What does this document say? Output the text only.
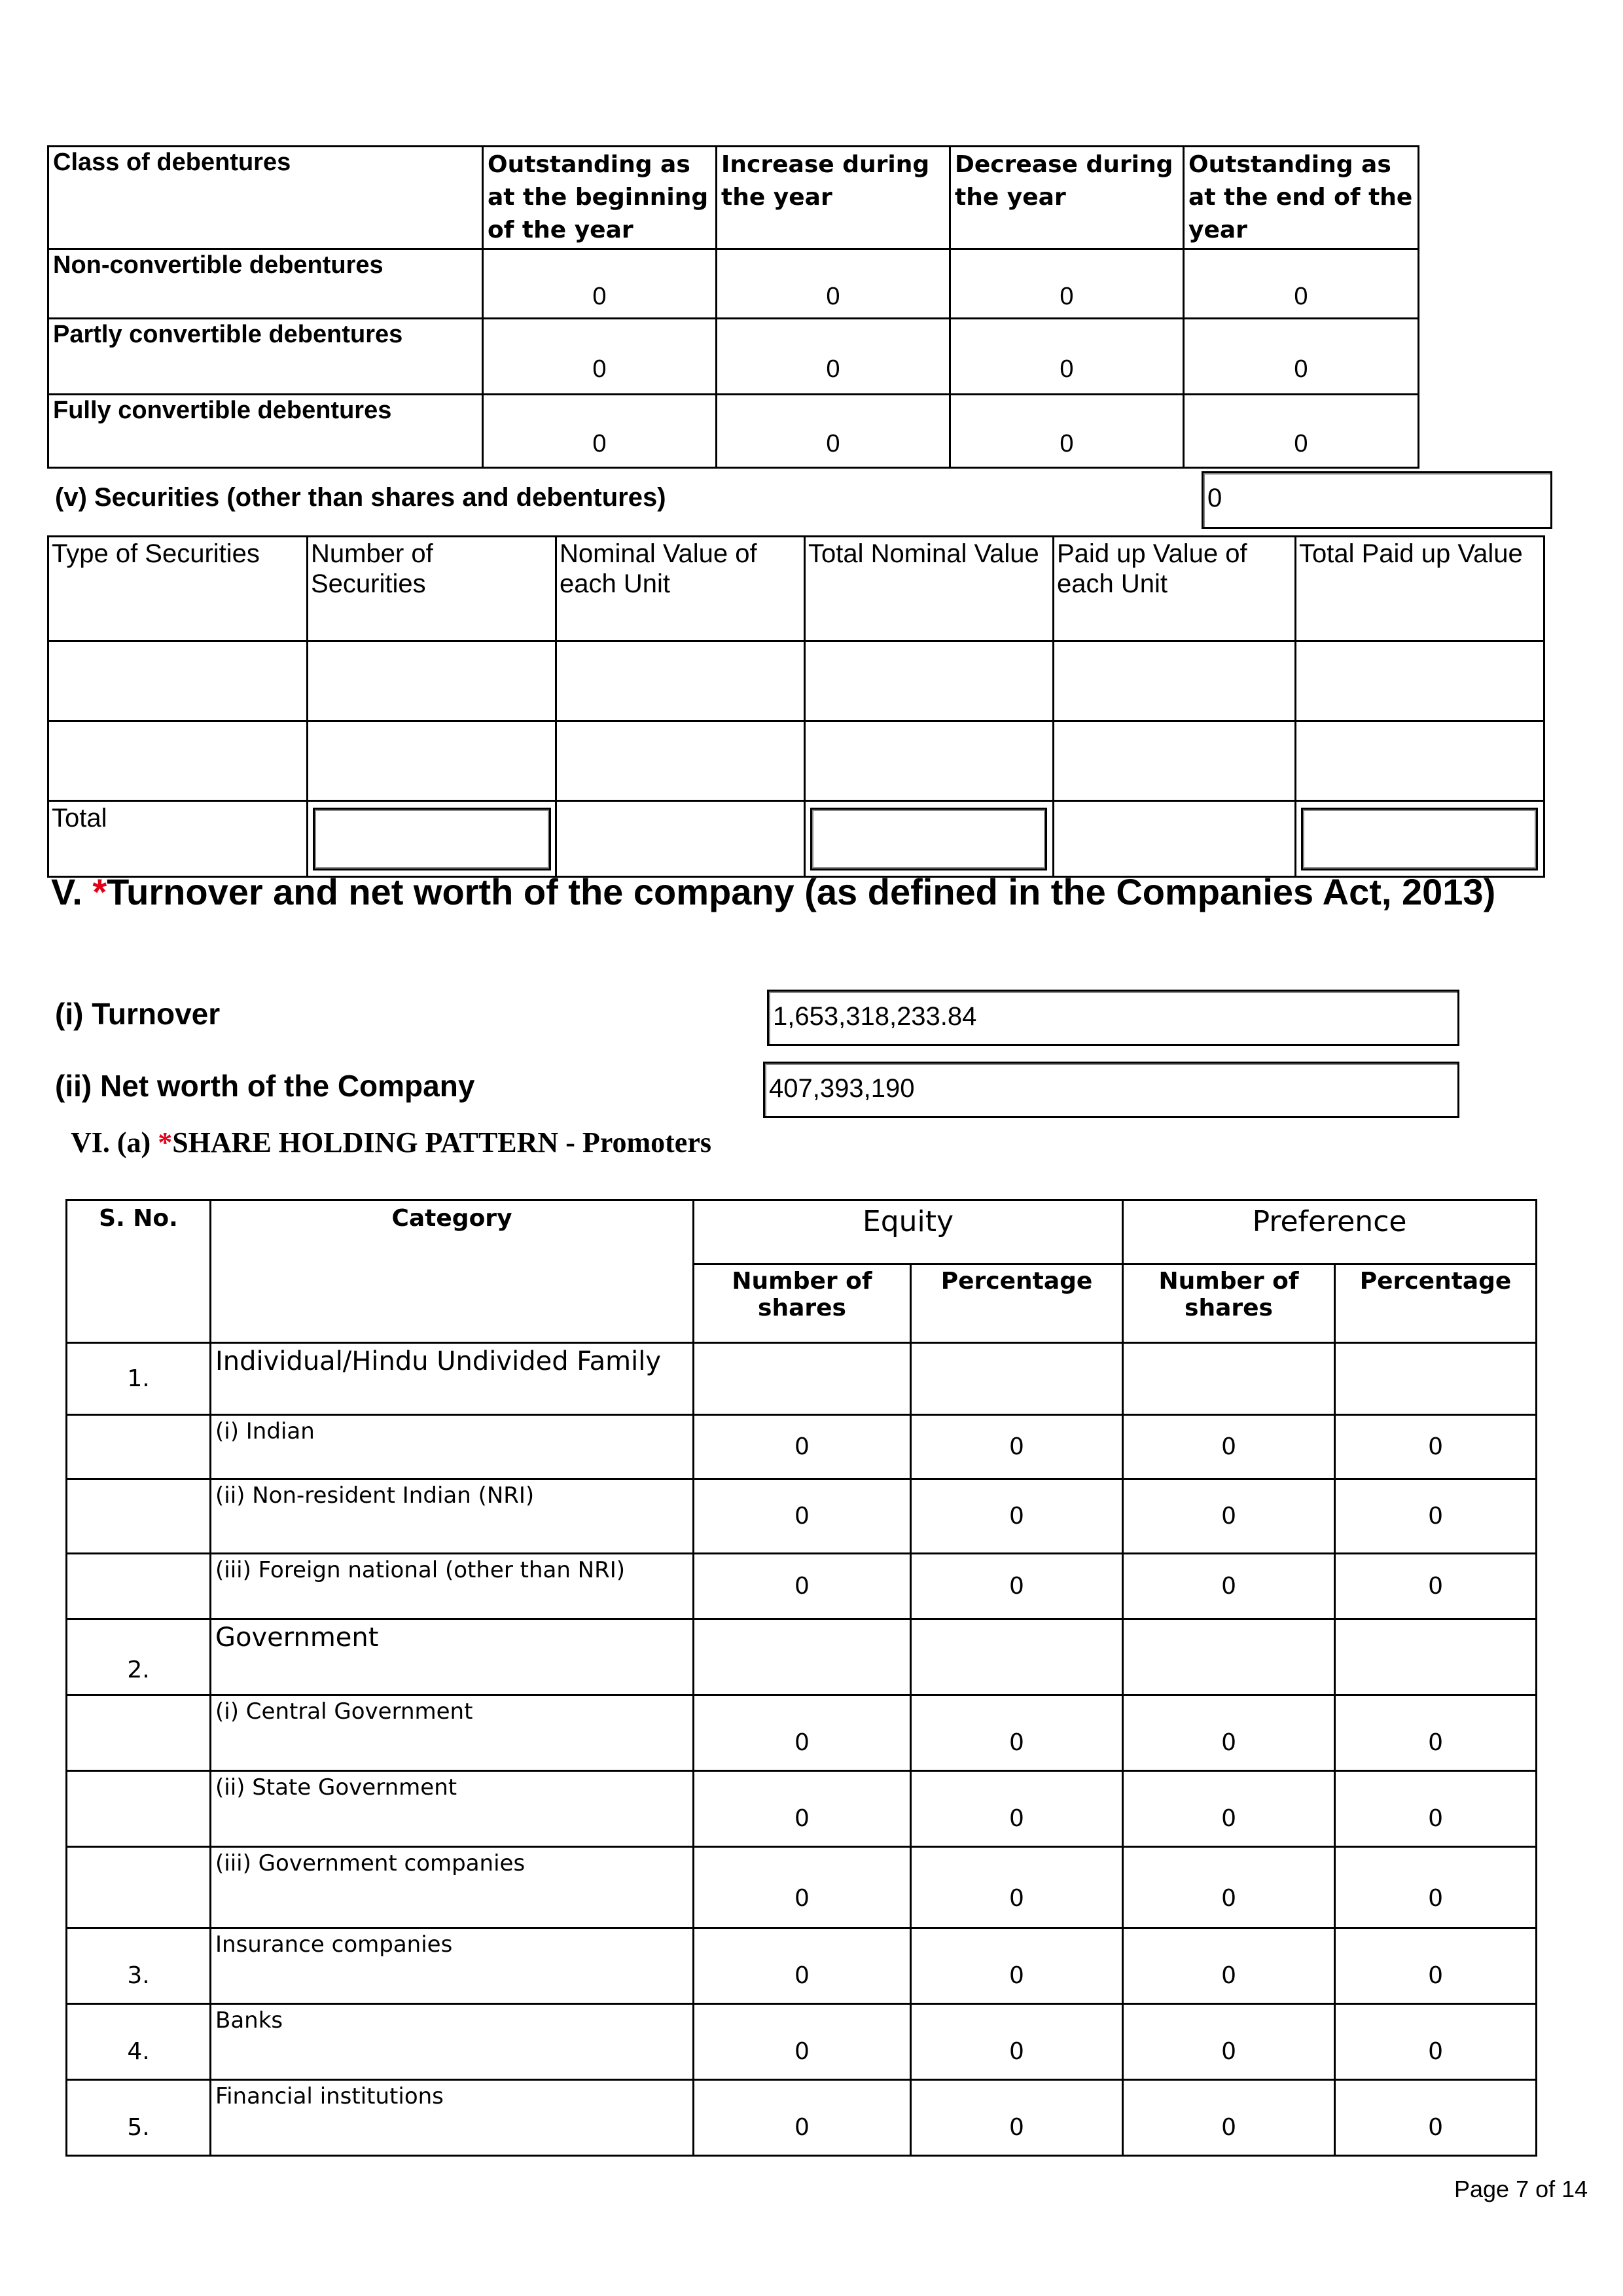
Class of debentures	Outstanding as at the beginning of the year	Increase during the year	Decrease during the year	Outstanding as at the end of the year
Non-convertible debentures	0	0	0	0
Partly convertible debentures	0	0	0	0
Fully convertible debentures	0	0	0	0
(v) Securities (other than shares and debentures)	0
Type of Securities	Number of Securities	Nominal Value of each Unit	Total Nominal Value	Paid up Value of each Unit	Total Paid up Value

Total					
V. *Turnover and net worth of the company (as defined in the Companies Act, 2013)
(i) Turnover	1,653,318,233.84
(ii) Net worth of the Company	407,393,190
VI. (a) *SHARE HOLDING PATTERN - Promoters
S. No.	Category	Equity		Preference	
		Number of shares	Percentage	Number of shares	Percentage
1.	Individual/Hindu Undivided Family				
	(i) Indian	0	0	0	0
	(ii) Non-resident Indian (NRI)	0	0	0	0
	(iii) Foreign national (other than NRI)	0	0	0	0
2.	Government				
	(i) Central Government	0	0	0	0
	(ii) State Government	0	0	0	0
	(iii) Government companies	0	0	0	0
3.	Insurance companies	0	0	0	0
4.	Banks	0	0	0	0
5.	Financial institutions	0	0	0	0
Page 7 of 14
